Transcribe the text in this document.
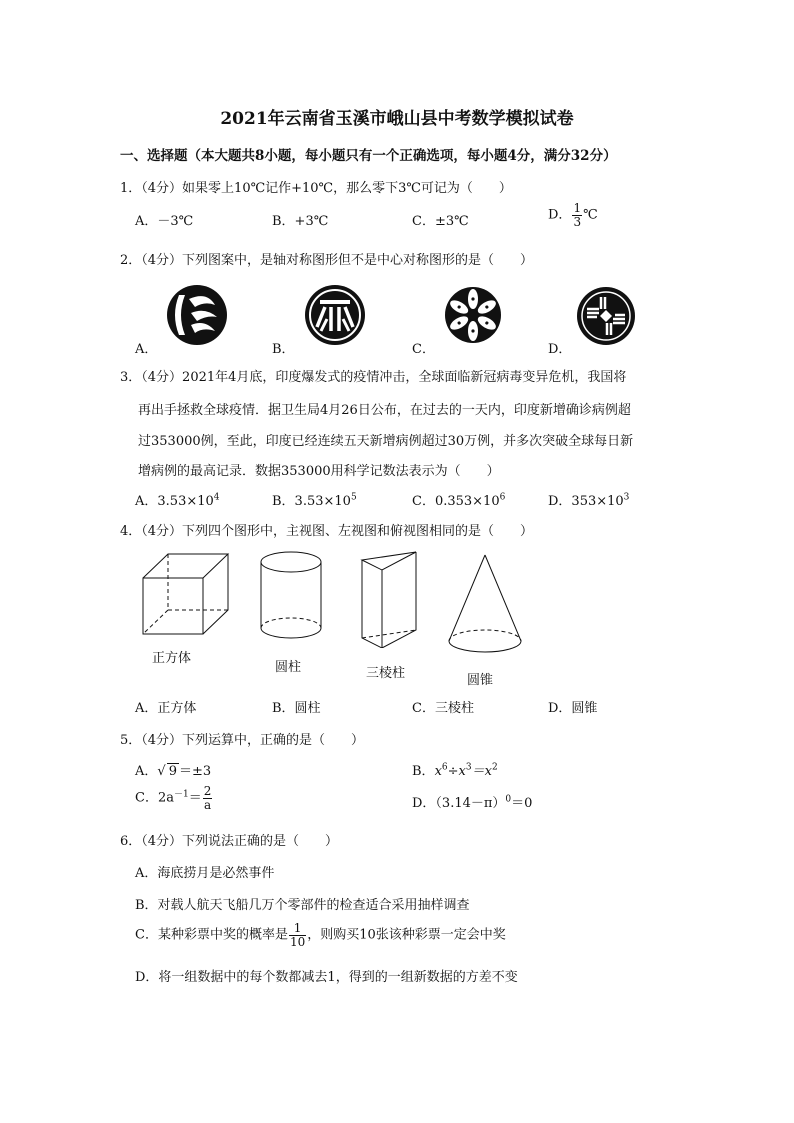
2021年云南省玉溪市峨山县中考数学模拟试卷
一、选择题（本大题共8小题，每小题只有一个正确选项，每小题4分，满分32分）
1．（4分）如果零上10℃记作+10℃，那么零下3℃可记为（　　）
A．－3℃	B．+3℃	C．±3℃	D． $\frac{1}{3}$ ℃
2．（4分）下列图案中，是轴对称图形但不是中心对称图形的是（　　）
A．	B．	C．	D．
3．（4分）2021年4月底，印度爆发式的疫情冲击，全球面临新冠病毒变异危机，我国将
再出手拯救全球疫情．据卫生局4月26日公布，在过去的一天内，印度新增确诊病例超
过353000例，至此，印度已经连续五天新增病例超过30万例，并多次突破全球每日新
增病例的最高记录．数据353000用科学记数法表示为（　　）
A．$3.53\times 10^4$	B．$3.53\times 10^5$	C．$0.353\times 10^6$	D．$353\times 10^3$
4．（4分）下列四个图形中，主视图、左视图和俯视图相同的是（　　）
正方体
圆柱	三棱柱	圆锥
A．正方体	B．圆柱	C．三棱柱	D．圆锥
5．（4分）下列运算中，正确的是（　　）
A．√ 9 ＝±3	B．$x^6\div x^3=x^2$
C．$2a^{-1}= \frac{2}{a}$	D．$(3.14-\pi)^0=0$
6．（4分）下列说法正确的是（　　）
A．海底捞月是必然事件
B．对载人航天飞船几万个零部件的检查适合采用抽样调查
C．某种彩票中奖的概率是 $\frac{1}{10}$ ，则购买10张该种彩票一定会中奖
D．将一组数据中的每个数都减去1，得到的一组新数据的方差不变
